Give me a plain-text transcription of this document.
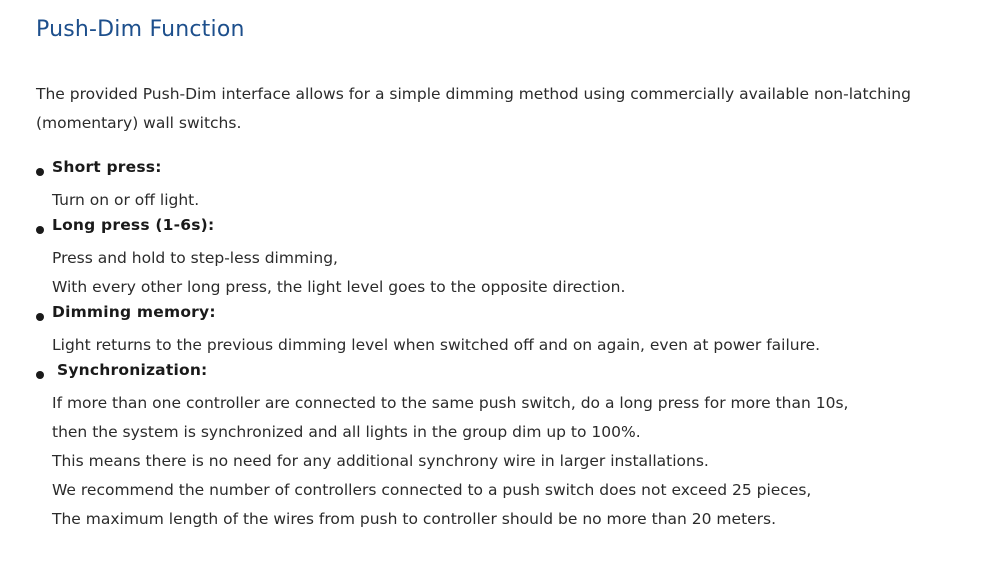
Push-Dim Function
The provided Push-Dim interface allows for a simple dimming method using commercially available non-latching
(momentary) wall switchs.
Short press:
Turn on or off light.
Long press (1-6s):
Press and hold to step-less dimming,
With every other long press, the light level goes to the opposite direction.
Dimming memory:
Light returns to the previous dimming level when switched off and on again, even at power failure.
Synchronization:
If more than one controller are connected to the same push switch, do a long press for more than 10s,
then the system is synchronized and all lights in the group dim up to 100%.
This means there is no need for any additional synchrony wire in larger installations.
We recommend the number of controllers connected to a push switch does not exceed 25 pieces,
The maximum length of the wires from push to controller should be no more than 20 meters.
